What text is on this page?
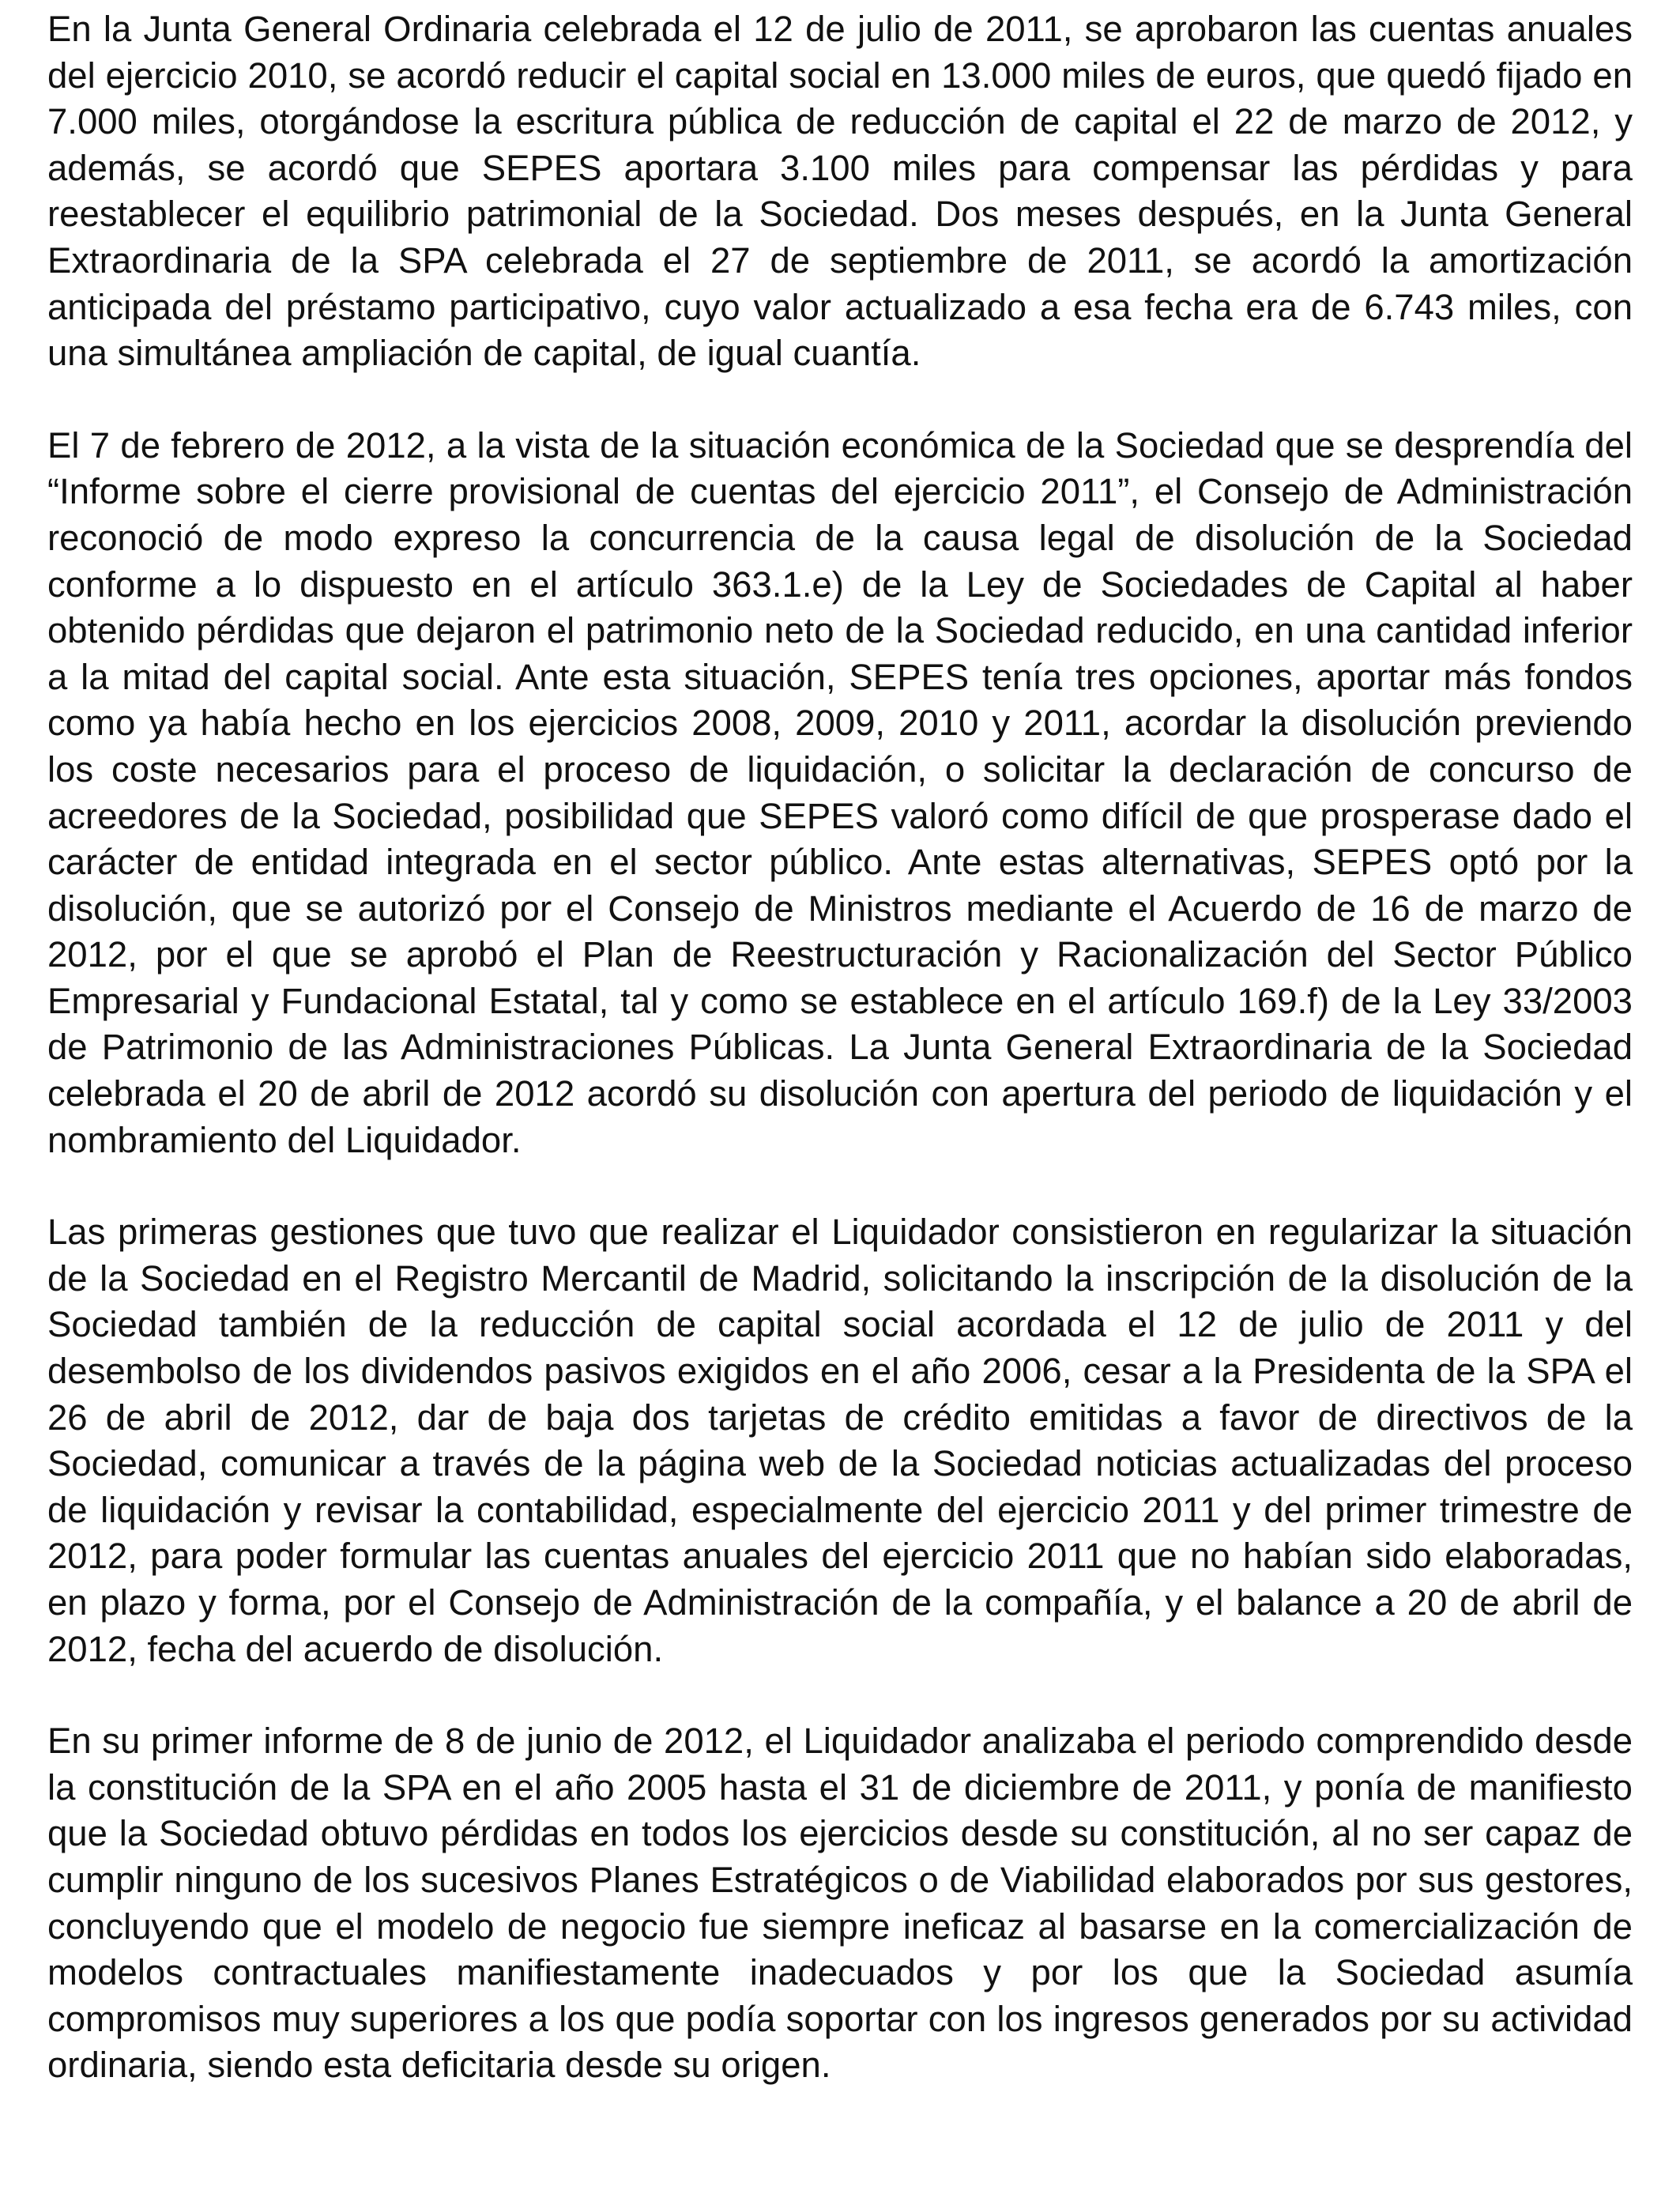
En la Junta General Ordinaria celebrada el 12 de julio de 2011, se aprobaron las cuentas anuales del ejercicio 2010, se acordó reducir el capital social en 13.000 miles de euros, que quedó fijado en 7.000 miles, otorgándose la escritura pública de reducción de capital el 22 de marzo de 2012, y además, se acordó que SEPES aportara 3.100 miles para compensar las pérdidas y para reestablecer el equilibrio patrimonial de la Sociedad. Dos meses después, en la Junta General Extraordinaria de la SPA celebrada el 27 de septiembre de 2011, se acordó la amortización anticipada del préstamo participativo, cuyo valor actualizado a esa fecha era de 6.743 miles, con una simultánea ampliación de capital, de igual cuantía.

El 7 de febrero de 2012, a la vista de la situación económica de la Sociedad que se desprendía del “Informe sobre el cierre provisional de cuentas del ejercicio 2011”, el Consejo de Administración reconoció de modo expreso la concurrencia de la causa legal de disolución de la Sociedad conforme a lo dispuesto en el artículo 363.1.e) de la Ley de Sociedades de Capital al haber obtenido pérdidas que dejaron el patrimonio neto de la Sociedad reducido, en una cantidad inferior a la mitad del capital social. Ante esta situación, SEPES tenía tres opciones, aportar más fondos como ya había hecho en los ejercicios 2008, 2009, 2010 y 2011, acordar la disolución previendo los coste necesarios para el proceso de liquidación, o solicitar la declaración de concurso de acreedores de la Sociedad, posibilidad que SEPES valoró como difícil de que prosperase dado el carácter de entidad integrada en el sector público. Ante estas alternativas, SEPES optó por la disolución, que se autorizó por el Consejo de Ministros mediante el Acuerdo de 16 de marzo de 2012, por el que se aprobó el Plan de Reestructuración y Racionalización del Sector Público Empresarial y Fundacional Estatal, tal y como se establece en el artículo 169.f) de la Ley 33/2003 de Patrimonio de las Administraciones Públicas. La Junta General Extraordinaria de la Sociedad celebrada el 20 de abril de 2012 acordó su disolución con apertura del periodo de liquidación y el nombramiento del Liquidador.

Las primeras gestiones que tuvo que realizar el Liquidador consistieron en regularizar la situación de la Sociedad en el Registro Mercantil de Madrid, solicitando la inscripción de la disolución de la Sociedad también de la reducción de capital social acordada el 12 de julio de 2011 y del desembolso de los dividendos pasivos exigidos en el año 2006, cesar a la Presidenta de la SPA el 26 de abril de 2012, dar de baja dos tarjetas de crédito emitidas a favor de directivos de la Sociedad, comunicar a través de la página web de la Sociedad noticias actualizadas del proceso de liquidación y revisar la contabilidad, especialmente del ejercicio 2011 y del primer trimestre de 2012, para poder formular las cuentas anuales del ejercicio 2011 que no habían sido elaboradas, en plazo y forma, por el Consejo de Administración de la compañía, y el balance a 20 de abril de 2012, fecha del acuerdo de disolución.

En su primer informe de 8 de junio de 2012, el Liquidador analizaba el periodo comprendido desde la constitución de la SPA en el año 2005 hasta el 31 de diciembre de 2011, y ponía de manifiesto que la Sociedad obtuvo pérdidas en todos los ejercicios desde su constitución, al no ser capaz de cumplir ninguno de los sucesivos Planes Estratégicos o de Viabilidad elaborados por sus gestores, concluyendo que el modelo de negocio fue siempre ineficaz al basarse en la comercialización de modelos contractuales manifiestamente inadecuados y por los que la Sociedad asumía compromisos muy superiores a los que podía soportar con los ingresos generados por su actividad ordinaria, siendo esta deficitaria desde su origen.
